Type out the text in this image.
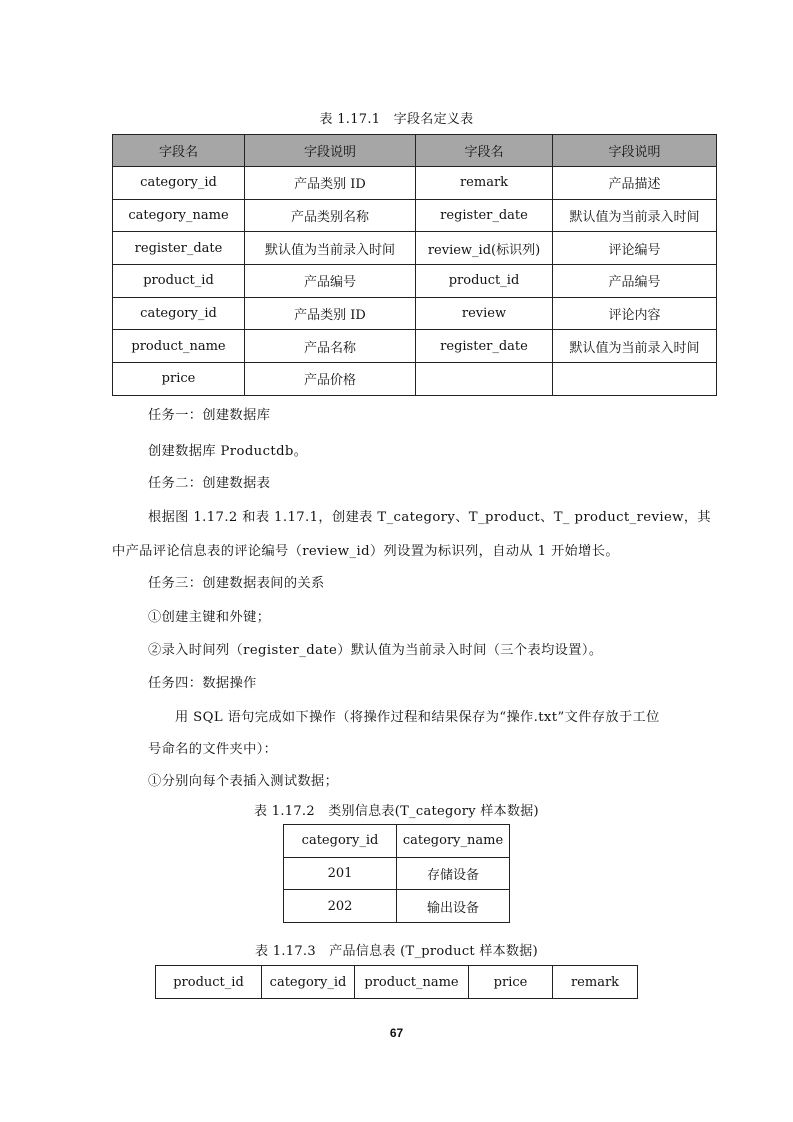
表 1.17.1　字段名定义表
字段名	字段说明	字段名	字段说明
category_id	产品类别 ID	remark	产品描述
category_name	产品类别名称	register_date	默认值为当前录入时间
register_date	默认值为当前录入时间	review_id(标识列)	评论编号
product_id	产品编号	product_id	产品编号
category_id	产品类别 ID	review	评论内容
product_name	产品名称	register_date	默认值为当前录入时间
price	产品价格		
任务一：创建数据库
创建数据库 Productdb。
任务二：创建数据表
根据图 1.17.2 和表 1.17.1，创建表 T_category、T_product、T_ product_review，其
中产品评论信息表的评论编号（review_id）列设置为标识列，自动从 1 开始增长。
任务三：创建数据表间的关系
①创建主键和外键；
②录入时间列（register_date）默认值为当前录入时间（三个表均设置）。
任务四：数据操作
用 SQL 语句完成如下操作（将操作过程和结果保存为“操作.txt”文件存放于工位
号命名的文件夹中）：
①分别向每个表插入测试数据；
表 1.17.2　类别信息表(T_category 样本数据)
category_id	category_name
201	存储设备
202	输出设备
表 1.17.3　产品信息表 (T_product 样本数据)
product_id	category_id	product_name	price	remark
67
